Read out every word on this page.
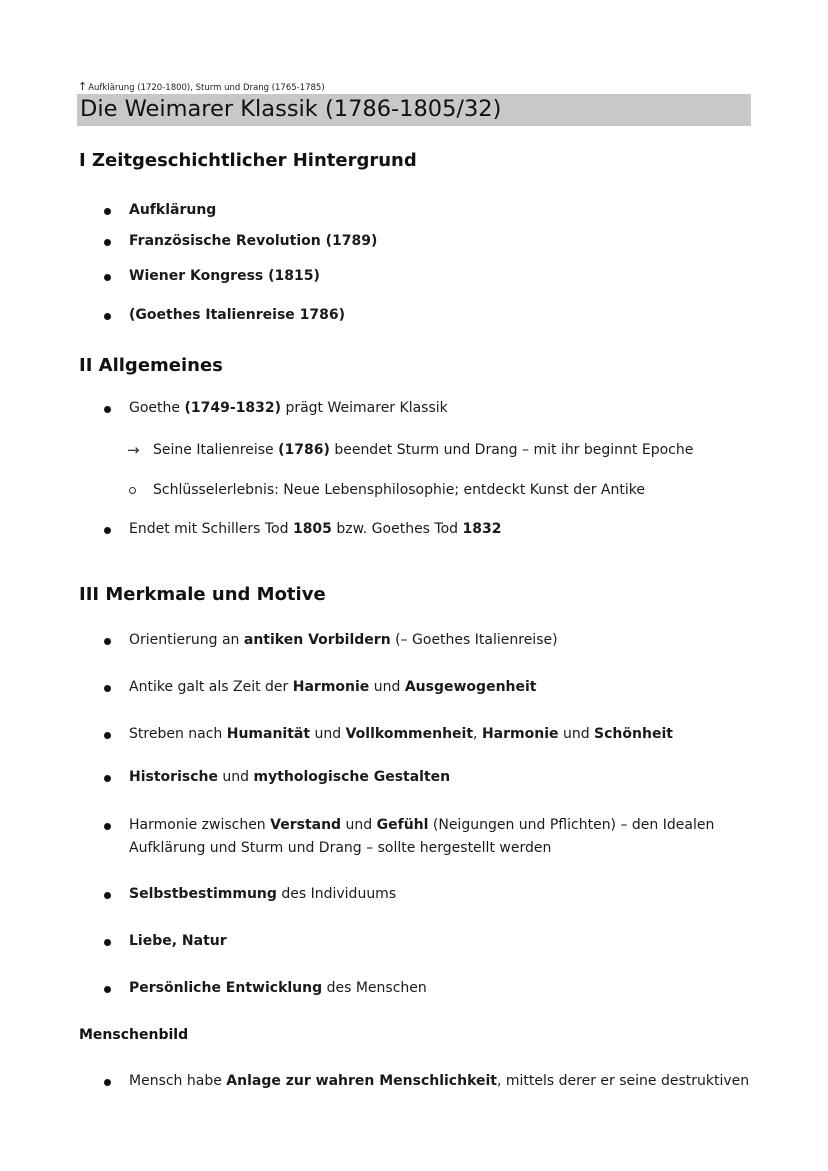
↑Aufklärung (1720-1800), Sturm und Drang (1765-1785)
Die Weimarer Klassik (1786-1805/32)
I Zeitgeschichtlicher Hintergrund
Aufklärung
Französische Revolution (1789)
Wiener Kongress (1815)
(Goethes Italienreise 1786)
II Allgemeines
Goethe (1749-1832) prägt Weimarer Klassik
→ Seine Italienreise (1786) beendet Sturm und Drang – mit ihr beginnt Epoche
Schlüsselerlebnis: Neue Lebensphilosophie; entdeckt Kunst der Antike
Endet mit Schillers Tod 1805 bzw. Goethes Tod 1832
III Merkmale und Motive
Orientierung an antiken Vorbildern (– Goethes Italienreise)
Antike galt als Zeit der Harmonie und Ausgewogenheit
Streben nach Humanität und Vollkommenheit, Harmonie und Schönheit
Historische und mythologische Gestalten
Harmonie zwischen Verstand und Gefühl (Neigungen und Pflichten) – den Idealen
Aufklärung und Sturm und Drang – sollte hergestellt werden
Selbstbestimmung des Individuums
Liebe, Natur
Persönliche Entwicklung des Menschen
Menschenbild
Mensch habe Anlage zur wahren Menschlichkeit, mittels derer er seine destruktiven
